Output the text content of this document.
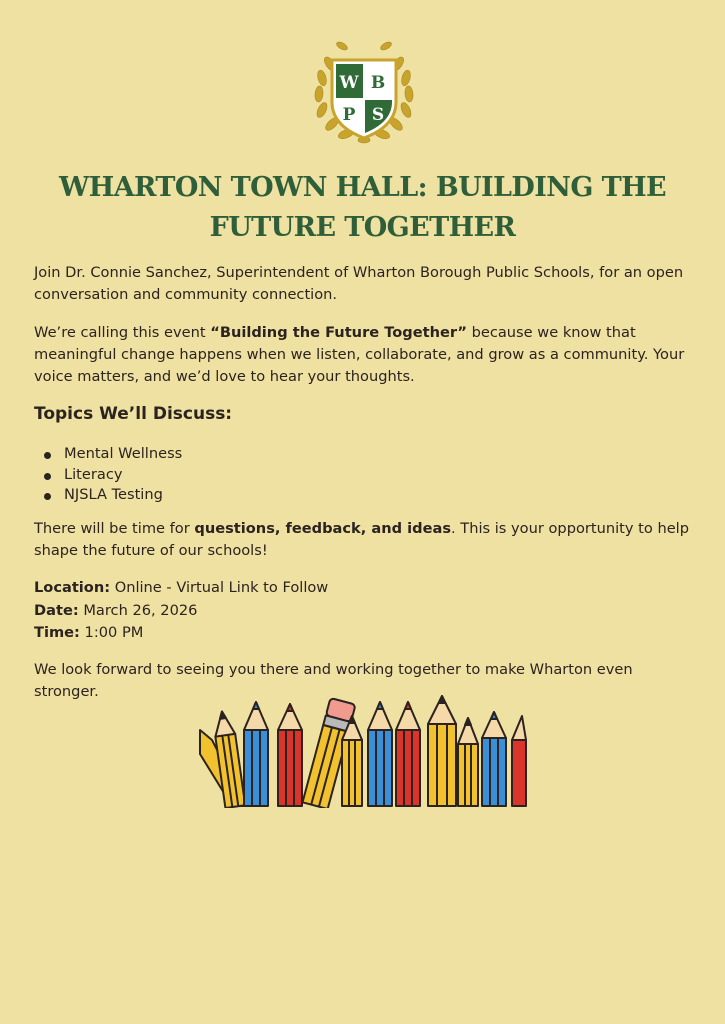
W B
P S
WHARTON TOWN HALL: BUILDING THE
FUTURE TOGETHER

Join Dr. Connie Sanchez, Superintendent of Wharton Borough Public Schools, for an open conversation and community connection.

We’re calling this event “Building the Future Together” because we know that meaningful change happens when we listen, collaborate, and grow as a community. Your voice matters, and we’d love to hear your thoughts.

Topics We’ll Discuss:
Mental Wellness
Literacy
NJSLA Testing

There will be time for questions, feedback, and ideas. This is your opportunity to help shape the future of our schools!

Location: Online - Virtual Link to Follow
Date: March 26, 2026
Time: 1:00 PM

We look forward to seeing you there and working together to make Wharton even stronger.
